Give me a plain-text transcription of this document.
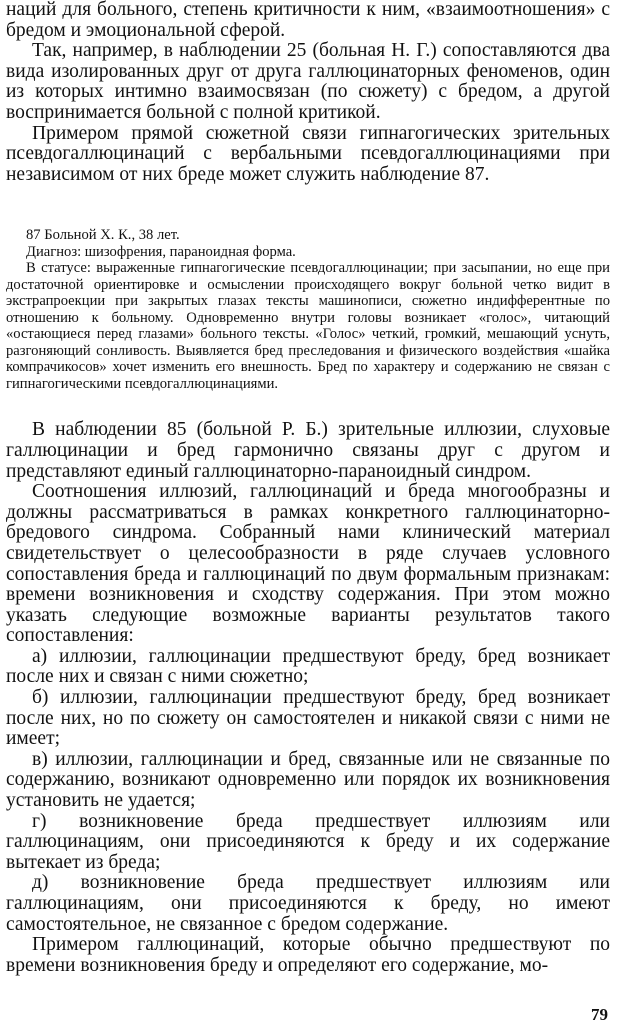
наций для больного, степень критичности к ним, «взаимоотношения» с бредом и эмоциональной сферой.

Так, например, в наблюдении 25 (больная Н. Г.) сопоставляются два вида изолированных друг от друга галлюцинаторных феноменов, один из которых интимно взаимосвязан (по сюжету) с бредом, а другой воспринимается больной с полной критикой.

Примером прямой сюжетной связи гипнагогических зрительных псевдогаллюцинаций с вербальными псевдогаллюцинациями при независимом от них бреде может служить наблюдение 87.

87 Больной X. К., 38 лет.

Диагноз: шизофрения, параноидная форма.

В статусе: выраженные гипнагогические псевдогаллюцинации; при засыпании, но еще при достаточной ориентировке и осмыслении происходящего вокруг больной четко видит в экстрапроекции при закрытых глазах тексты машинописи, сюжетно индифферентные по отношению к больному. Одновременно внутри головы возникает «голос», читающий «остающиеся перед глазами» больного тексты. «Голос» четкий, громкий, мешающий уснуть, разгоняющий сонливость. Выявляется бред преследования и физического воздействия «шайка компрачикосов» хочет изменить его внешность. Бред по характеру и содержанию не связан с гипнагогическими псевдогаллюцинациями.

В наблюдении 85 (больной Р. Б.) зрительные иллюзии, слуховые галлюцинации и бред гармонично связаны друг с другом и представляют единый галлюцинаторно-параноидный синдром.

Соотношения иллюзий, галлюцинаций и бреда многообразны и должны рассматриваться в рамках конкретного галлюцинаторно-бредового синдрома. Собранный нами клинический материал свидетельствует о целесообразности в ряде случаев условного сопоставления бреда и галлюцинаций по двум формальным признакам: времени возникновения и сходству содержания. При этом можно указать следующие возможные варианты результатов такого сопоставления:

а) иллюзии, галлюцинации предшествуют бреду, бред возникает после них и связан с ними сюжетно;

б) иллюзии, галлюцинации предшествуют бреду, бред возникает после них, но по сюжету он самостоятелен и никакой связи с ними не имеет;

в) иллюзии, галлюцинации и бред, связанные или не связанные по содержанию, возникают одновременно или порядок их возникновения установить не удается;

г) возникновение бреда предшествует иллюзиям или галлюцинациям, они присоединяются к бреду и их содержание вытекает из бреда;

д) возникновение бреда предшествует иллюзиям или галлюцинациям, они присоединяются к бреду, но имеют самостоятельное, не связанное с бредом содержание.

Примером галлюцинаций, которые обычно предшествуют по времени возникновения бреду и определяют его содержание, мо-

79
